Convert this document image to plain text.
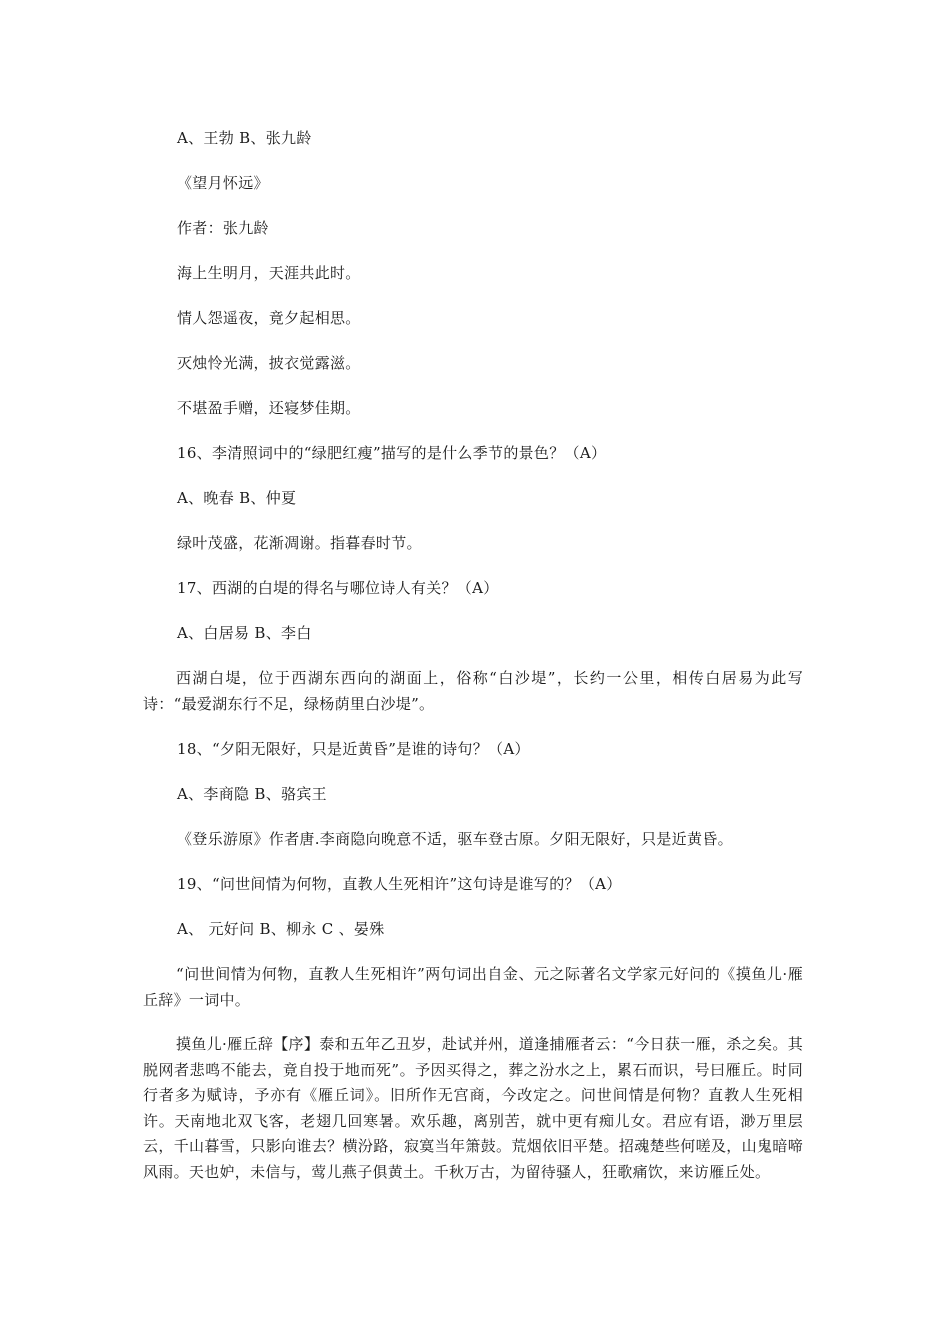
A、王勃 B、张九龄
《望月怀远》
作者：张九龄
海上生明月，天涯共此时。
情人怨遥夜，竟夕起相思。
灭烛怜光满，披衣觉露滋。
不堪盈手赠，还寝梦佳期。
16、李清照词中的“绿肥红瘦”描写的是什么季节的景色？（A）
A、晚春 B、仲夏
绿叶茂盛，花渐凋谢。指暮春时节。
17、西湖的白堤的得名与哪位诗人有关？（A）
A、白居易 B、李白
西湖白堤，位于西湖东西向的湖面上，俗称“白沙堤”，长约一公里，相传白居易为此写诗：“最爱湖东行不足，绿杨荫里白沙堤”。
18、“夕阳无限好，只是近黄昏”是谁的诗句？（A）
A、李商隐 B、骆宾王
《登乐游原》作者唐.李商隐向晚意不适，驱车登古原。夕阳无限好，只是近黄昏。
19、“问世间情为何物，直教人生死相许”这句诗是谁写的？（A）
A、 元好问 B、柳永 C 、晏殊
“问世间情为何物，直教人生死相许”两句词出自金、元之际著名文学家元好问的《摸鱼儿·雁丘辞》一词中。
摸鱼儿·雁丘辞【序】泰和五年乙丑岁，赴试并州，道逢捕雁者云：“今日获一雁，杀之矣。其脱网者悲鸣不能去，竟自投于地而死”。予因买得之，葬之汾水之上，累石而识，号曰雁丘。时同行者多为赋诗，予亦有《雁丘词》。旧所作无宫商，今改定之。问世间情是何物？直教人生死相许。天南地北双飞客，老翅几回寒暑。欢乐趣，离别苦，就中更有痴儿女。君应有语，渺万里层云，千山暮雪，只影向谁去？横汾路，寂寞当年箫鼓。荒烟依旧平楚。招魂楚些何嗟及，山鬼暗啼风雨。天也妒，未信与，莺儿燕子俱黄土。千秋万古，为留待骚人，狂歌痛饮，来访雁丘处。
